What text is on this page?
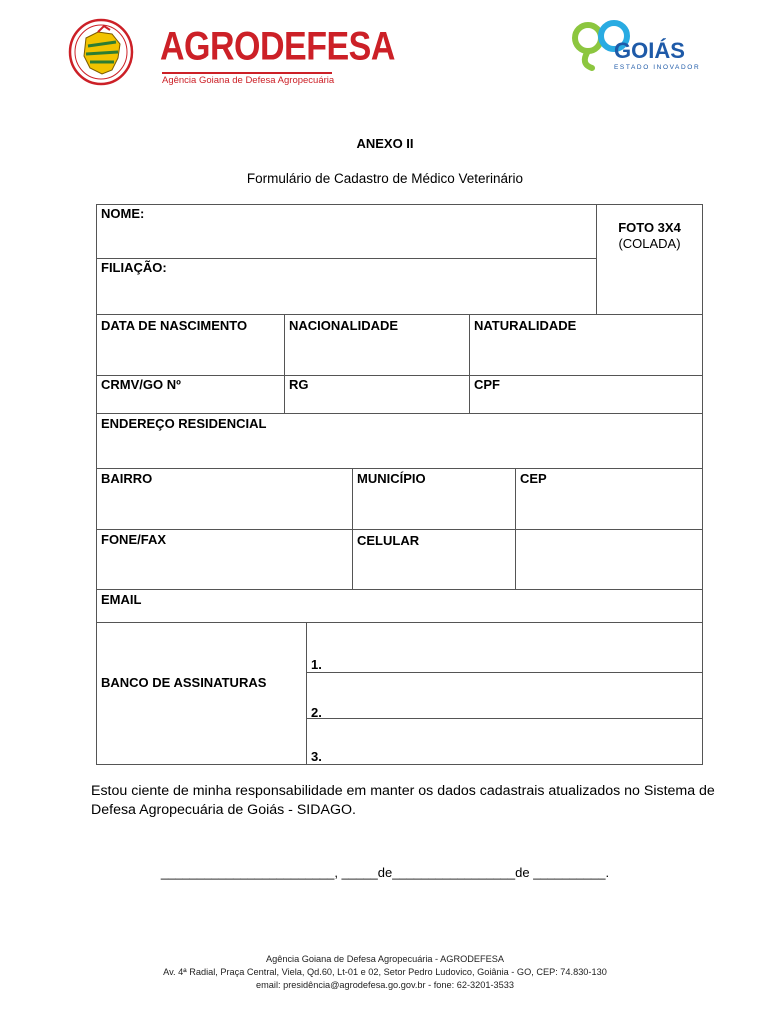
AGRODEFESA
Agência Goiana de Defesa Agropecuária
GOIÁS
ESTADO INOVADOR
ANEXO II
Formulário de Cadastro de Médico Veterinário
NOME:
FOTO 3X4
(COLADA)
FILIAÇÃO:
DATA DE NASCIMENTO	NACIONALIDADE	NATURALIDADE
CRMV/GO Nº	RG	CPF
ENDEREÇO RESIDENCIAL
BAIRRO	MUNICÍPIO	CEP
FONE/FAX	CELULAR
EMAIL
BANCO DE ASSINATURAS
1.
2.
3.
Estou ciente de minha responsabilidade em manter os dados cadastrais atualizados no Sistema de Defesa Agropecuária de Goiás - SIDAGO.
________________________, _____de_________________de __________.
Agência Goiana de Defesa Agropecuária - AGRODEFESA
Av. 4ª Radial, Praça Central, Viela, Qd.60, Lt-01 e 02, Setor Pedro Ludovico, Goiânia - GO, CEP: 74.830-130
email: presidência@agrodefesa.go.gov.br - fone: 62-3201-3533
